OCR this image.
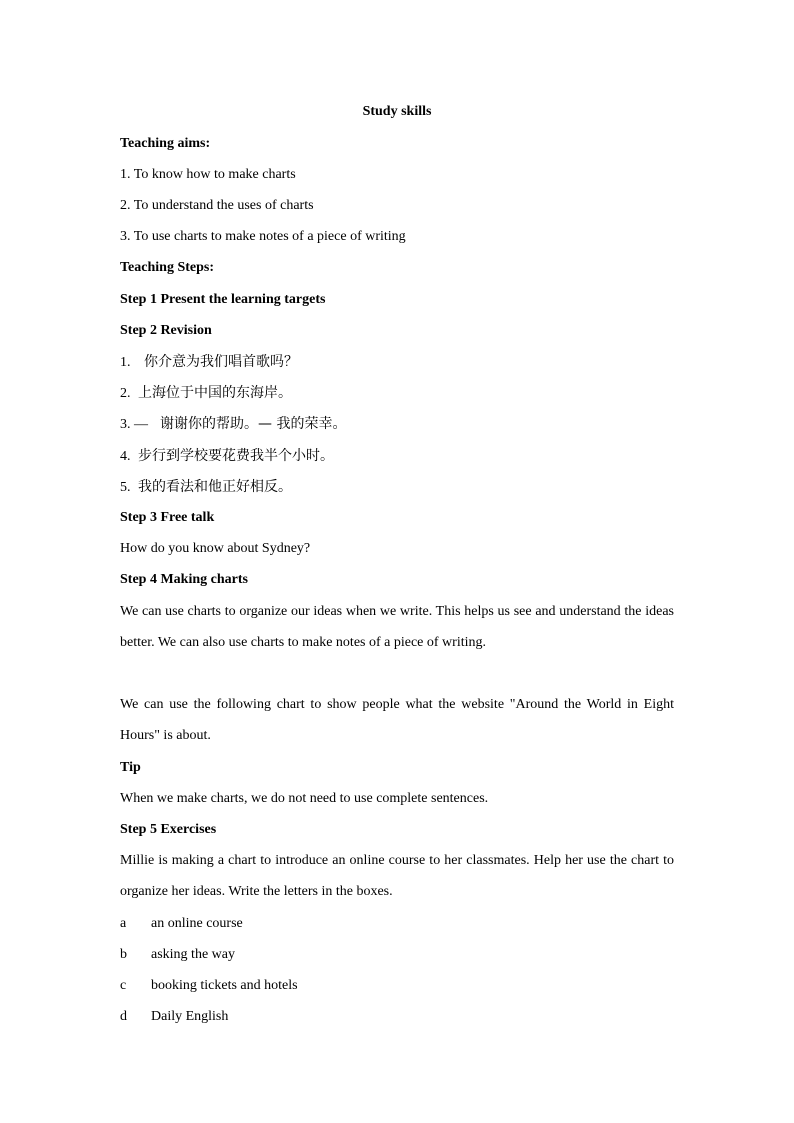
Study skills
Teaching aims:
1. To know how to make charts
2. To understand the uses of charts
3. To use charts to make notes of a piece of writing
Teaching Steps:
Step 1 Present the learning targets
Step 2 Revision
1. 你介意为我们唱首歌吗？
2. 上海位于中国的东海岸。
3. — 谢谢你的帮助。— 我的荣幸。
4. 步行到学校要花费我半个小时。
5. 我的看法和他正好相反。
Step 3 Free talk
How do you know about Sydney?
Step 4 Making charts
We can use charts to organize our ideas when we write. This helps us see and understand the ideas better. We can also use charts to make notes of a piece of writing.
We can use the following chart to show people what the website "Around the World in Eight Hours" is about.
Tip
When we make charts, we do not need to use complete sentences.
Step 5 Exercises
Millie is making a chart to introduce an online course to her classmates. Help her use the chart to organize her ideas. Write the letters in the boxes.
a an online course
b asking the way
c booking tickets and hotels
d Daily English
